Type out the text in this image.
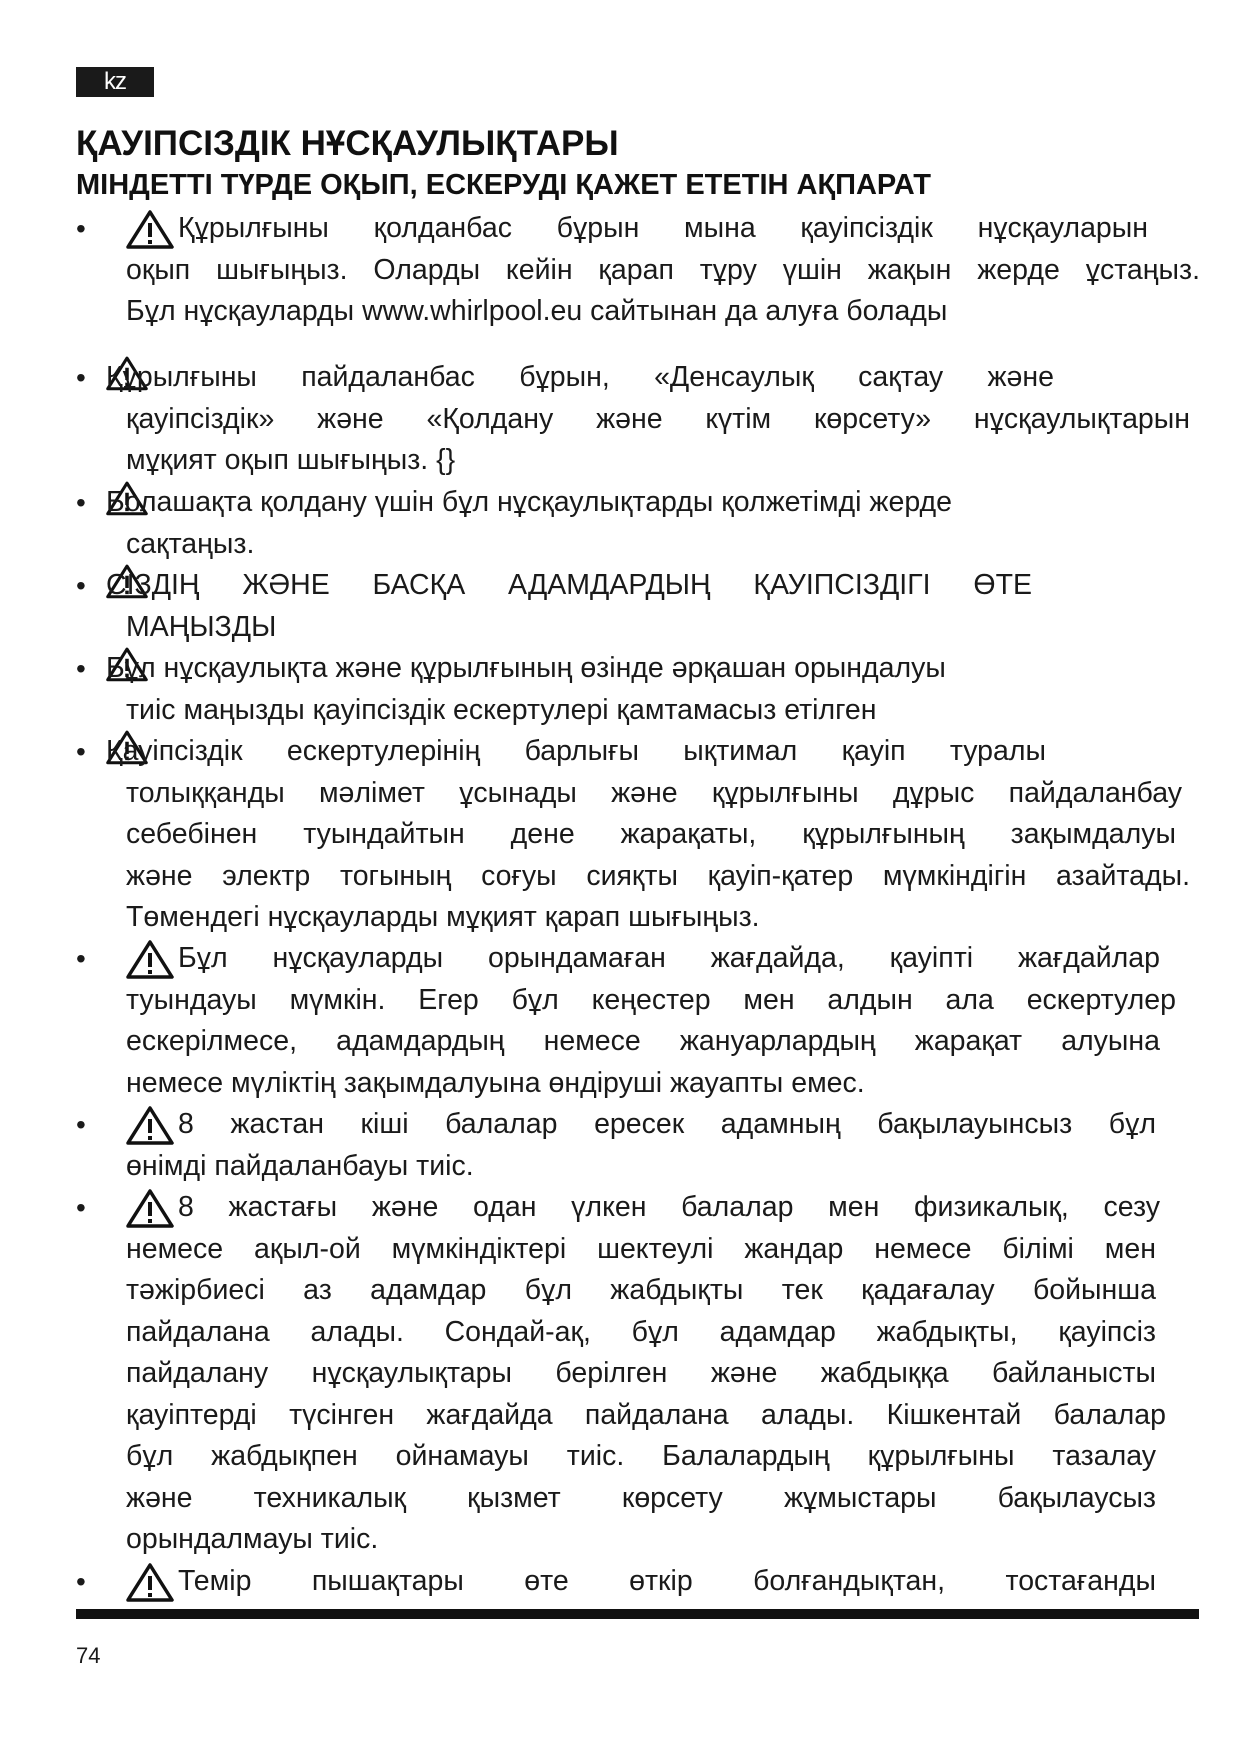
kz
ҚАУІПСІЗДІК НҰСҚАУЛЫҚТАРЫ
МІНДЕТТІ ТҮРДЕ ОҚЫП, ЕСКЕРУДІ ҚАЖЕТ ЕТЕТІН АҚПАРАТ
•	Құрылғыны қолданбас бұрын мына қауіпсіздік нұсқауларын
оқып шығыңыз. Оларды кейін қарап тұру үшін жақын жерде ұстаңыз.
Бұл нұсқауларды www.whirlpool.eu сайтынан да алуға болады
• Құрылғыны пайдаланбас бұрын, «Денсаулық сақтау және
қауіпсіздік» және «Қолдану және күтім көрсету» нұсқаулықтарын
мұқият оқып шығыңыз. {}
• Болашақта қолдану үшін бұл нұсқаулықтарды қолжетімді жерде
сақтаңыз.
• СІЗДІҢ ЖӘНЕ БАСҚА АДАМДАРДЫҢ ҚАУІПСІЗДІГІ ӨТЕ
МАҢЫЗДЫ
• Бұл нұсқаулықта және құрылғының өзінде әрқашан орындалуы
тиіс маңызды қауіпсіздік ескертулері қамтамасыз етілген
• Қауіпсіздік ескертулерінің барлығы ықтимал қауіп туралы
толыққанды мәлімет ұсынады және құрылғыны дұрыс пайдаланбау
себебінен туындайтын дене жарақаты, құрылғының зақымдалуы
және электр тогының соғуы сияқты қауіп-қатер мүмкіндігін азайтады.
Төмендегі нұсқауларды мұқият қарап шығыңыз.
•	Бұл нұсқауларды орындамаған жағдайда, қауіпті жағдайлар
туындауы мүмкін. Егер бұл кеңестер мен алдын ала ескертулер
ескерілмесе, адамдардың немесе жануарлардың жарақат алуына
немесе мүліктің зақымдалуына өндіруші жауапты емес.
•	8 жастан кіші балалар ересек адамның бақылауынсыз бұл
өнімді пайдаланбауы тиіс.
•	8 жастағы және одан үлкен балалар мен физикалық, сезу
немесе ақыл-ой мүмкіндіктері шектеулі жандар немесе білімі мен
тәжірбиесі аз адамдар бұл жабдықты тек қадағалау бойынша
пайдалана алады. Сондай-ақ, бұл адамдар жабдықты, қауіпсіз
пайдалану нұсқаулықтары берілген және жабдыққа байланысты
қауіптерді түсінген жағдайда пайдалана алады. Кішкентай балалар
бұл жабдықпен ойнамауы тиіс. Балалардың құрылғыны тазалау
және техникалық қызмет көрсету жұмыстары бақылаусыз
орындалмауы тиіс.
•	Темір пышақтары өте өткір болғандықтан, тостағанды
74
